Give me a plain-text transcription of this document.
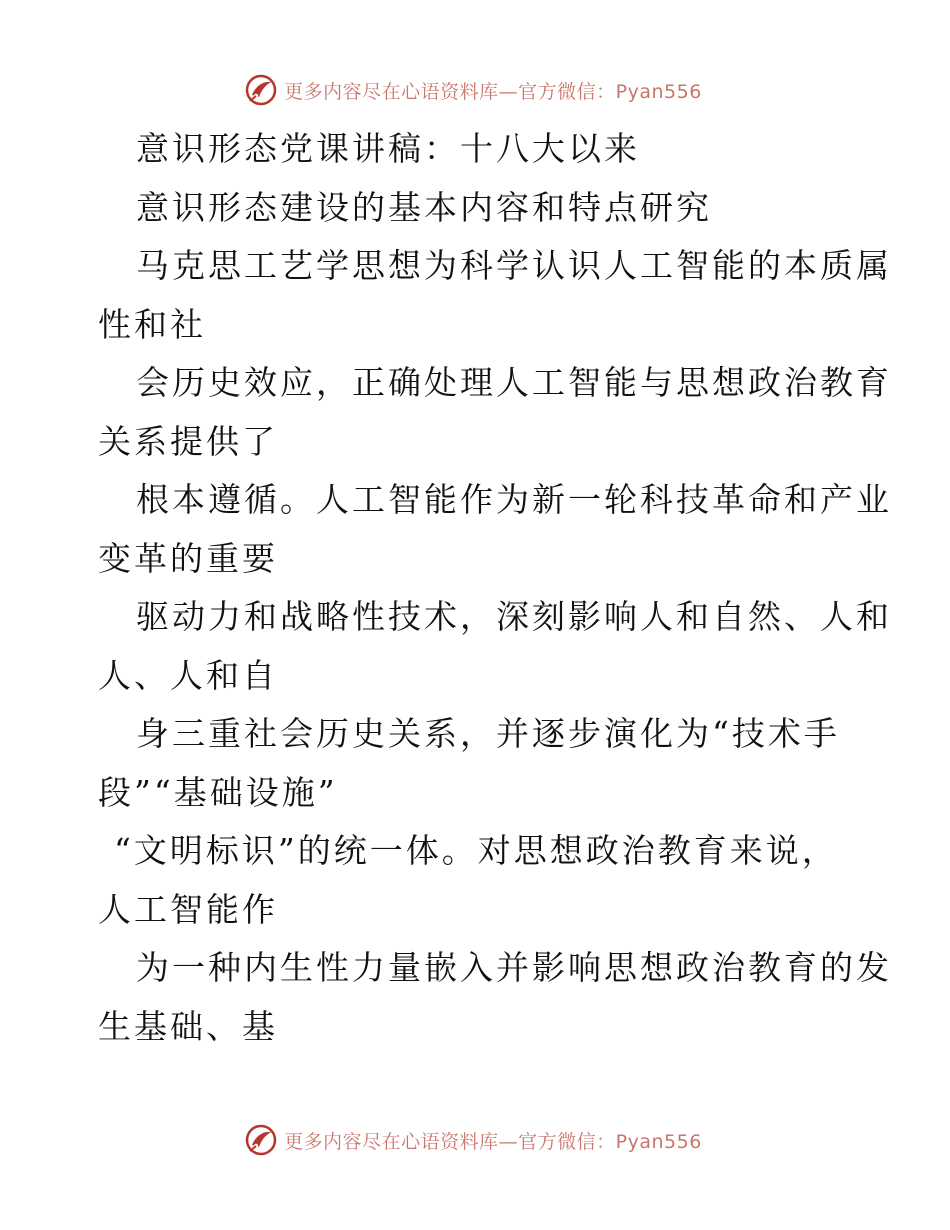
更多内容尽在心语资料库—官方微信：Pyan556
意识形态党课讲稿：十八大以来
意识形态建设的基本内容和特点研究
马克思工艺学思想为科学认识人工智能的本质属
性和社
会历史效应，正确处理人工智能与思想政治教育
关系提供了
根本遵循。人工智能作为新一轮科技革命和产业
变革的重要
驱动力和战略性技术，深刻影响人和自然、人和
人、人和自
身三重社会历史关系，并逐步演化为“技术手
段”“基础设施”
“文明标识”的统一体。对思想政治教育来说，
人工智能作
为一种内生性力量嵌入并影响思想政治教育的发
生基础、基
更多内容尽在心语资料库—官方微信：Pyan556
